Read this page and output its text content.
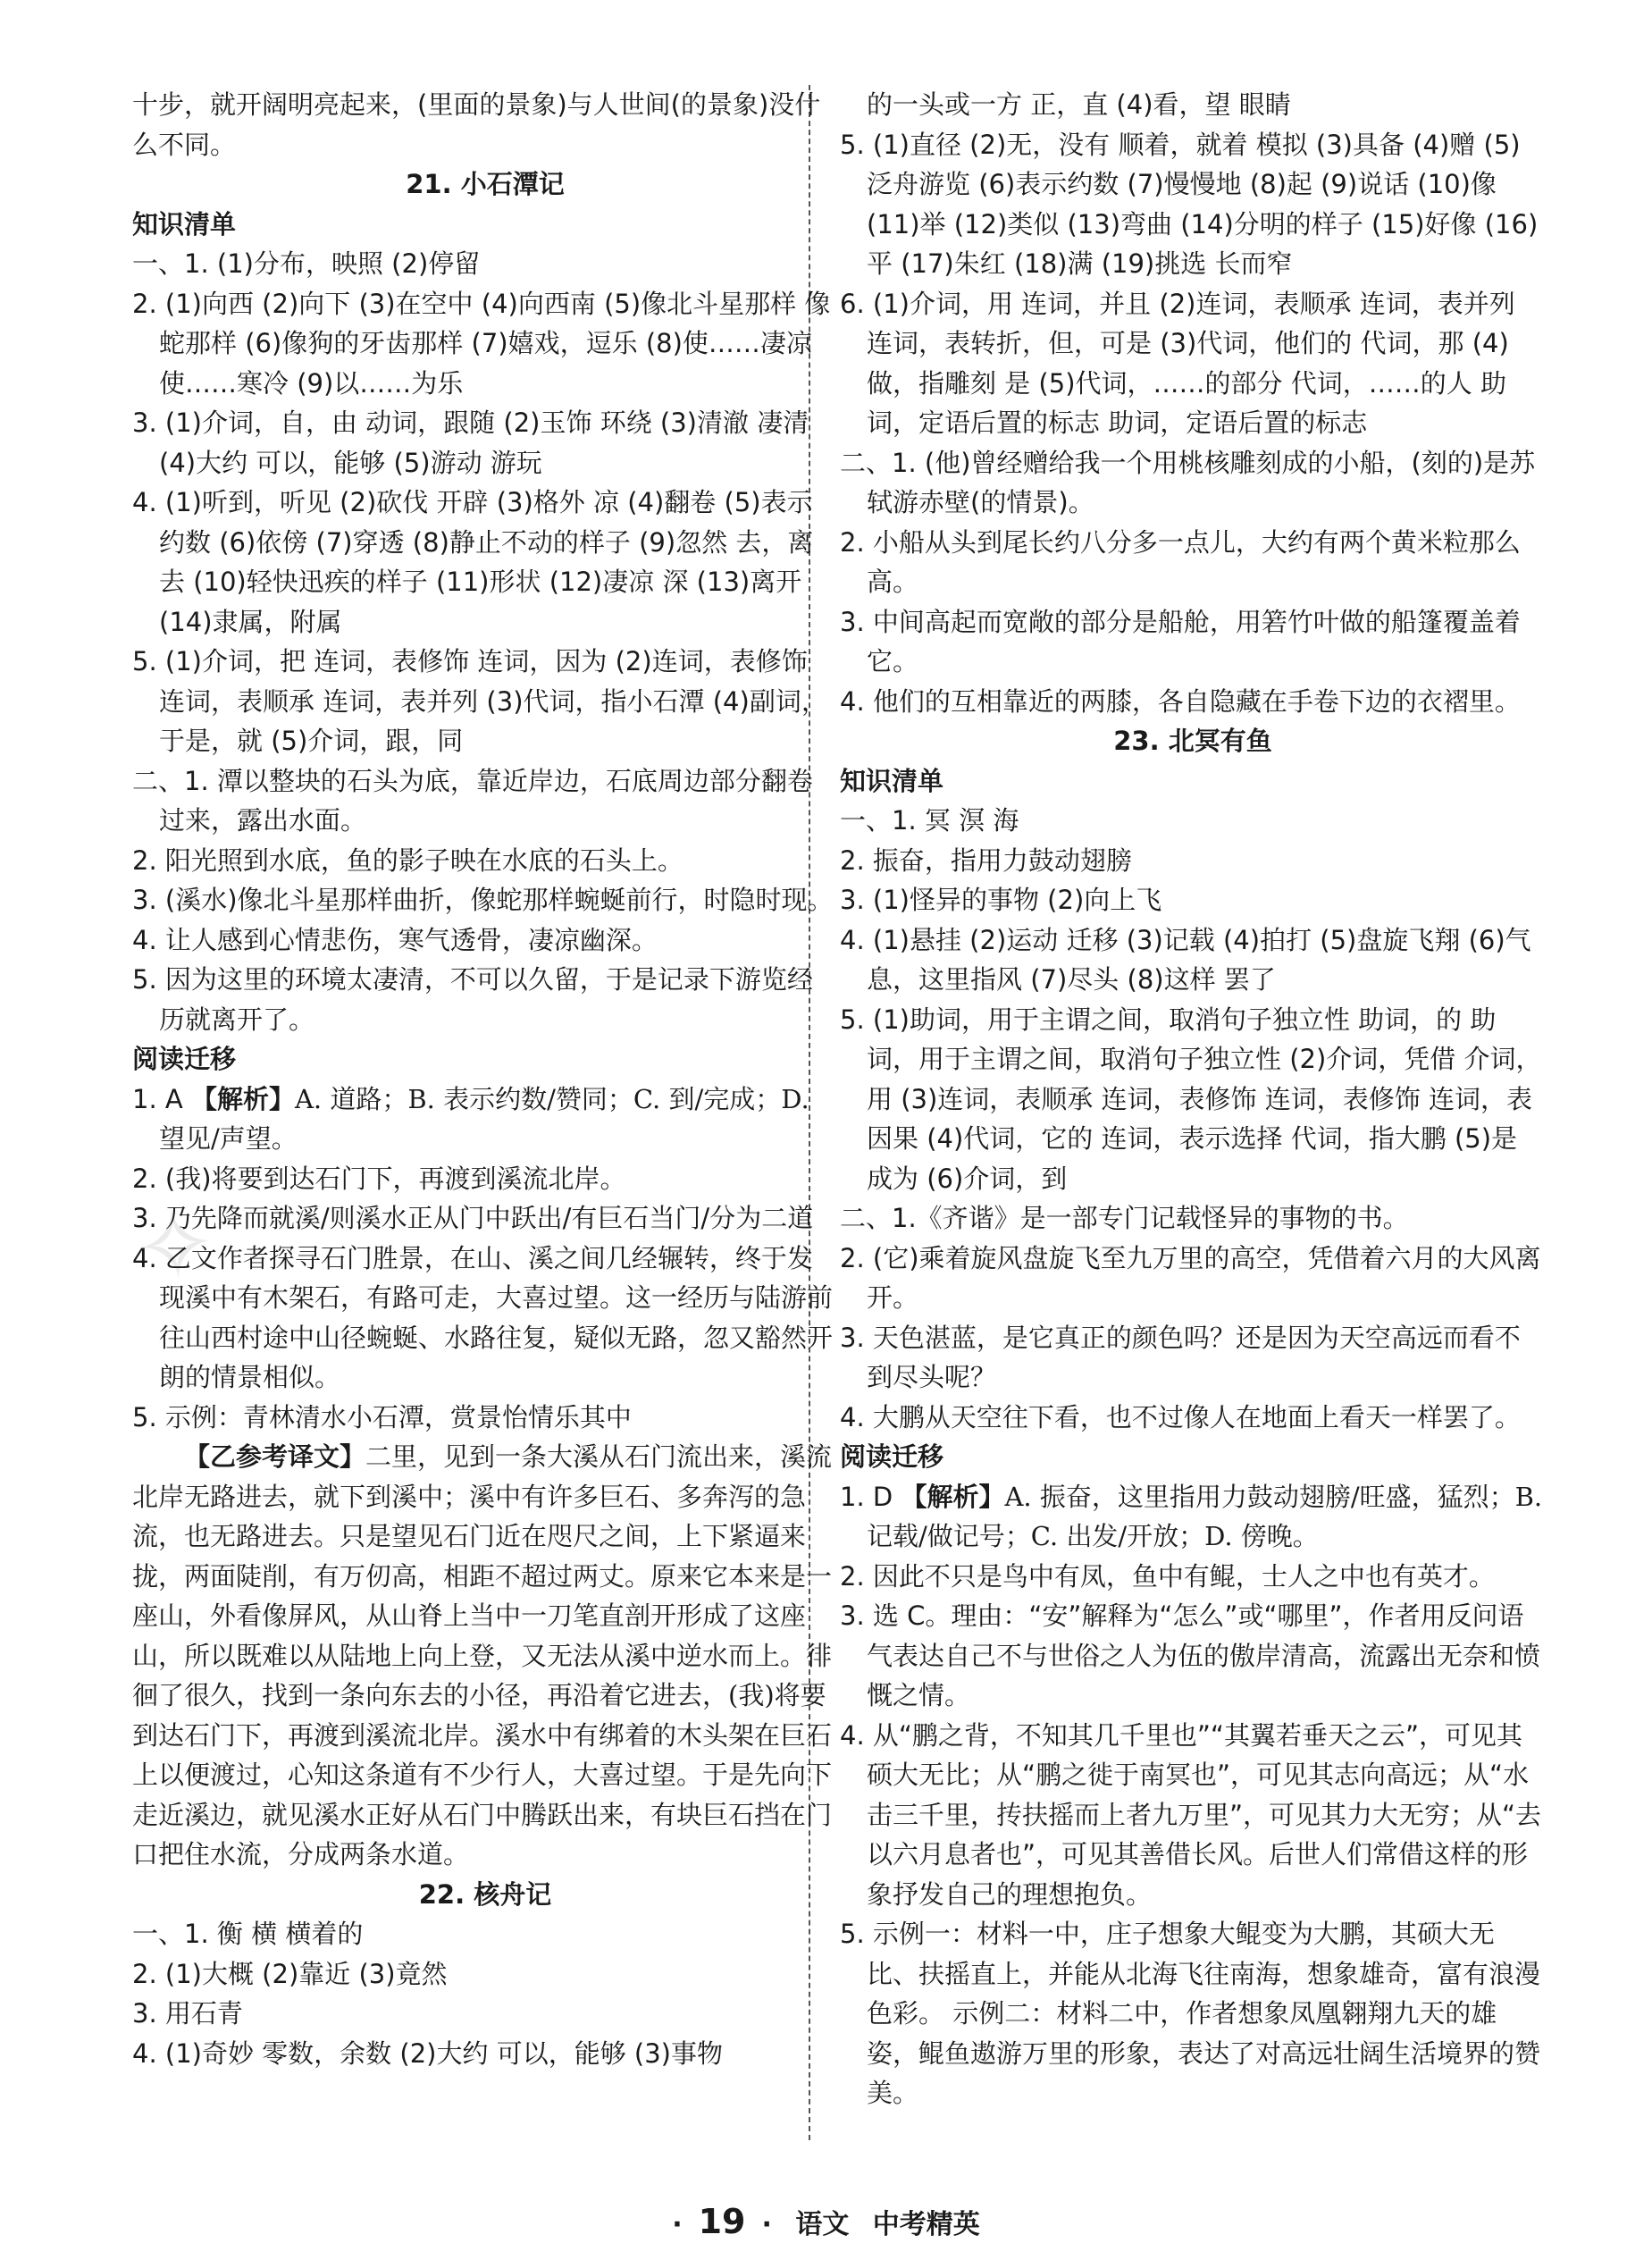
✧

十步，就开阔明亮起来，(里面的景象)与人世间(的景象)没什么不同。

21. 小石潭记

知识清单

一、1. (1)分布，映照 (2)停留

2. (1)向西 (2)向下 (3)在空中 (4)向西南 (5)像北斗星那样 像蛇那样 (6)像狗的牙齿那样 (7)嬉戏，逗乐 (8)使……凄凉 使……寒冷 (9)以……为乐

3. (1)介词，自，由 动词，跟随 (2)玉饰 环绕 (3)清澈 凄清 (4)大约 可以，能够 (5)游动 游玩

4. (1)听到，听见 (2)砍伐 开辟 (3)格外 凉 (4)翻卷 (5)表示约数 (6)依傍 (7)穿透 (8)静止不动的样子 (9)忽然 去，离去 (10)轻快迅疾的样子 (11)形状 (12)凄凉 深 (13)离开 (14)隶属，附属

5. (1)介词，把 连词，表修饰 连词，因为 (2)连词，表修饰 连词，表顺承 连词，表并列 (3)代词，指小石潭 (4)副词，于是，就 (5)介词，跟，同

二、1. 潭以整块的石头为底，靠近岸边，石底周边部分翻卷过来，露出水面。

2. 阳光照到水底，鱼的影子映在水底的石头上。

3. (溪水)像北斗星那样曲折，像蛇那样蜿蜒前行，时隐时现。

4. 让人感到心情悲伤，寒气透骨，凄凉幽深。

5. 因为这里的环境太凄清，不可以久留，于是记录下游览经历就离开了。

阅读迁移

1. A 【解析】A. 道路；B. 表示约数/赞同；C. 到/完成；D. 望见/声望。

2. (我)将要到达石门下，再渡到溪流北岸。

3. 乃先降而就溪/则溪水正从门中跃出/有巨石当门/分为二道

4. 乙文作者探寻石门胜景，在山、溪之间几经辗转，终于发现溪中有木架石，有路可走，大喜过望。这一经历与陆游前往山西村途中山径蜿蜒、水路往复，疑似无路，忽又豁然开朗的情景相似。

5. 示例：青林清水小石潭，赏景怡情乐其中

【乙参考译文】二里，见到一条大溪从石门流出来，溪流北岸无路进去，就下到溪中；溪中有许多巨石、多奔泻的急流，也无路进去。只是望见石门近在咫尺之间，上下紧逼来拢，两面陡削，有万仞高，相距不超过两丈。原来它本来是一座山，外看像屏风，从山脊上当中一刀笔直剖开形成了这座山，所以既难以从陆地上向上登，又无法从溪中逆水而上。徘徊了很久，找到一条向东去的小径，再沿着它进去，(我)将要到达石门下，再渡到溪流北岸。溪水中有绑着的木头架在巨石上以便渡过，心知这条道有不少行人，大喜过望。于是先向下走近溪边，就见溪水正好从石门中腾跃出来，有块巨石挡在门口把住水流，分成两条水道。

22. 核舟记

一、1. 衡 横 横着的

2. (1)大概 (2)靠近 (3)竟然

3. 用石青

4. (1)奇妙 零数，余数 (2)大约 可以，能够 (3)事物

的一头或一方 正，直 (4)看，望 眼睛

5. (1)直径 (2)无，没有 顺着，就着 模拟 (3)具备 (4)赠 (5)泛舟游览 (6)表示约数 (7)慢慢地 (8)起 (9)说话 (10)像 (11)举 (12)类似 (13)弯曲 (14)分明的样子 (15)好像 (16)平 (17)朱红 (18)满 (19)挑选 长而窄

6. (1)介词，用 连词，并且 (2)连词，表顺承 连词，表并列 连词，表转折，但，可是 (3)代词，他们的 代词，那 (4)做，指雕刻 是 (5)代词，……的部分 代词，……的人 助词，定语后置的标志 助词，定语后置的标志

二、1. (他)曾经赠给我一个用桃核雕刻成的小船，(刻的)是苏轼游赤壁(的情景)。

2. 小船从头到尾长约八分多一点儿，大约有两个黄米粒那么高。

3. 中间高起而宽敞的部分是船舱，用箬竹叶做的船篷覆盖着它。

4. 他们的互相靠近的两膝，各自隐藏在手卷下边的衣褶里。

23. 北冥有鱼

知识清单

一、1. 冥 溟 海

2. 振奋，指用力鼓动翅膀

3. (1)怪异的事物 (2)向上飞

4. (1)悬挂 (2)运动 迁移 (3)记载 (4)拍打 (5)盘旋飞翔 (6)气息，这里指风 (7)尽头 (8)这样 罢了

5. (1)助词，用于主谓之间，取消句子独立性 助词，的 助词，用于主谓之间，取消句子独立性 (2)介词，凭借 介词，用 (3)连词，表顺承 连词，表修饰 连词，表修饰 连词，表因果 (4)代词，它的 连词，表示选择 代词，指大鹏 (5)是 成为 (6)介词，到

二、1.《齐谐》是一部专门记载怪异的事物的书。

2. (它)乘着旋风盘旋飞至九万里的高空，凭借着六月的大风离开。

3. 天色湛蓝，是它真正的颜色吗？还是因为天空高远而看不到尽头呢？

4. 大鹏从天空往下看，也不过像人在地面上看天一样罢了。

阅读迁移

1. D 【解析】A. 振奋，这里指用力鼓动翅膀/旺盛，猛烈；B. 记载/做记号；C. 出发/开放；D. 傍晚。

2. 因此不只是鸟中有凤，鱼中有鲲，士人之中也有英才。

3. 选 C。理由：“安”解释为“怎么”或“哪里”，作者用反问语气表达自己不与世俗之人为伍的傲岸清高，流露出无奈和愤慨之情。

4. 从“鹏之背，不知其几千里也”“其翼若垂天之云”，可见其硕大无比；从“鹏之徙于南冥也”，可见其志向高远；从“水击三千里，抟扶摇而上者九万里”，可见其力大无穷；从“去以六月息者也”，可见其善借长风。后世人们常借这样的形象抒发自己的理想抱负。

5. 示例一：材料一中，庄子想象大鲲变为大鹏，其硕大无比、扶摇直上，并能从北海飞往南海，想象雄奇，富有浪漫色彩。 示例二：材料二中，作者想象凤凰翱翔九天的雄姿，鲲鱼遨游万里的形象，表达了对高远壮阔生活境界的赞美。

· 19 · 语文 中考精英
